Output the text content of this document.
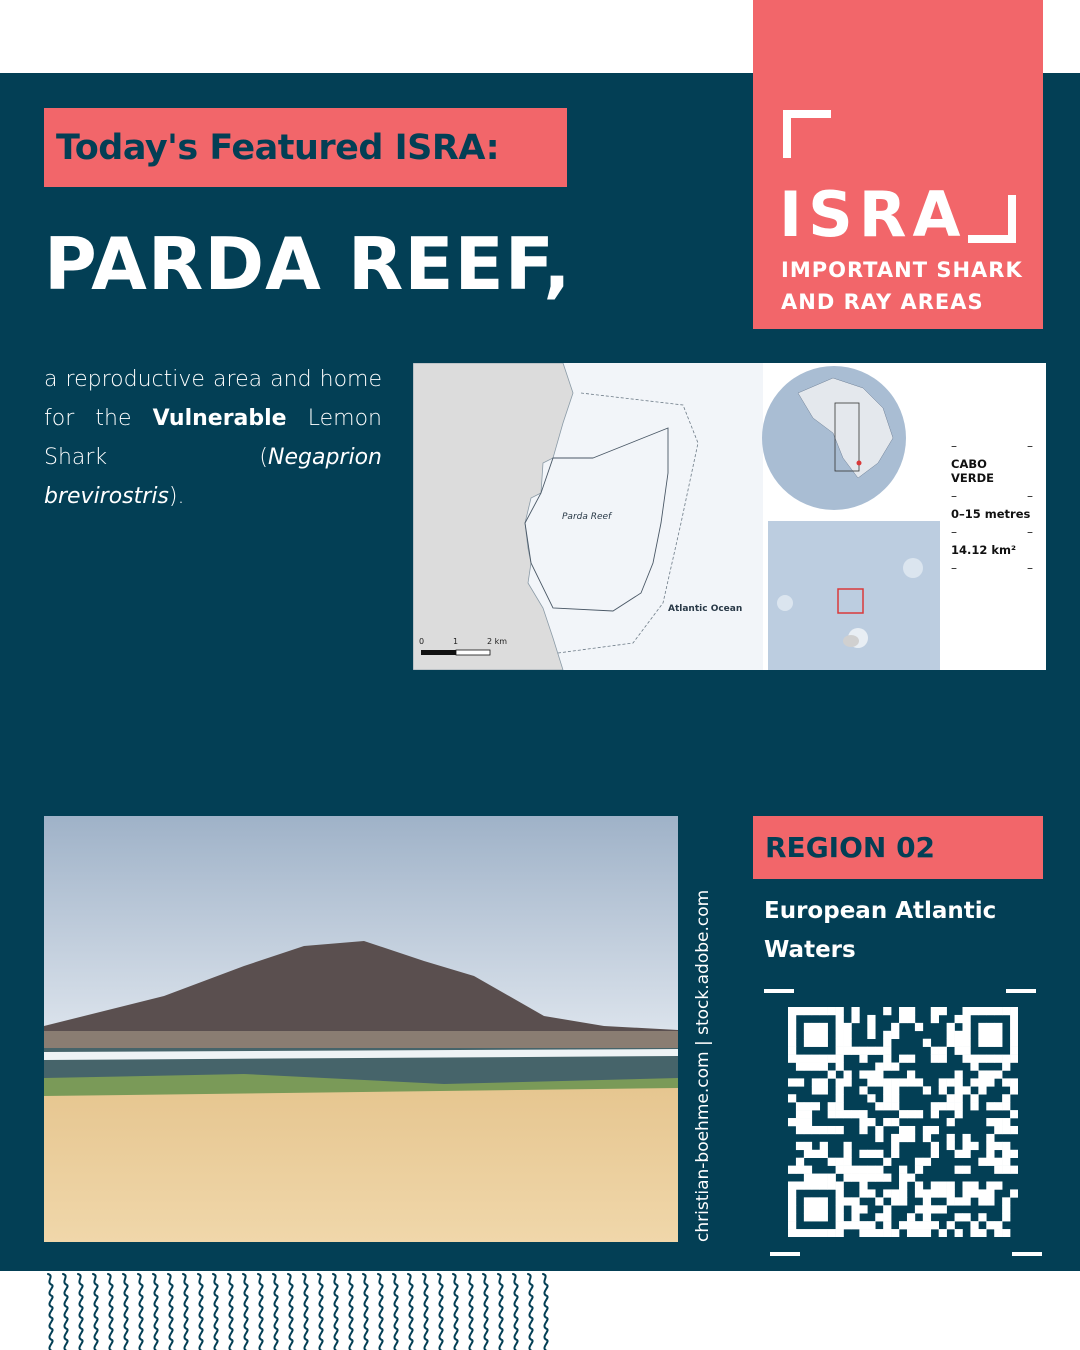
Today's Featured ISRA:
PARDA REEF,

a reproductive area and home for the Vulnerable Lemon Shark (Negaprion brevirostris).

ISRA
IMPORTANT SHARK
AND RAY AREAS
Parda Reef
Atlantic Ocean
0	1	2 km
–	–

CABO VERDE

–	–

0–15 metres

–	–

14.12 km²

–	–
christian-boehme.com | stock.adobe.com
REGION 02
European Atlantic Waters
